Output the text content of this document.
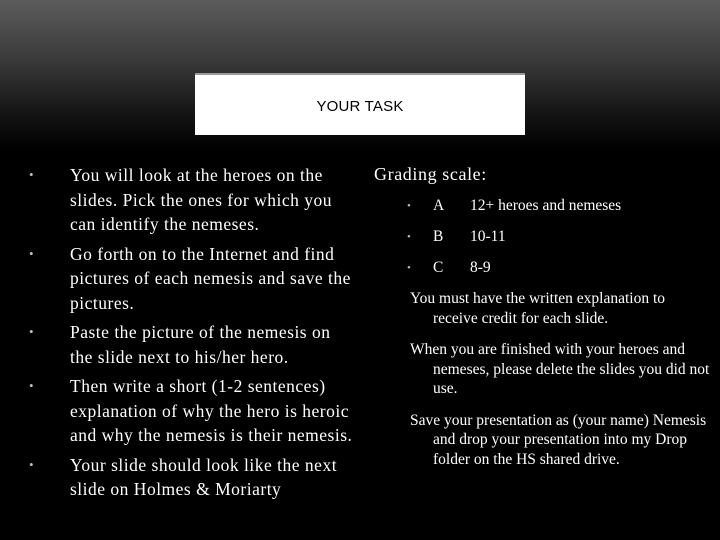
YOUR TASK
• You will look at the heroes on the slides. Pick the ones for which you can identify the nemeses.
• Go forth on to the Internet and find pictures of each nemesis and save the pictures.
• Paste the picture of the nemesis on the slide next to his/her hero.
• Then write a short (1-2 sentences) explanation of why the hero is heroic and why the nemesis is their nemesis.
• Your slide should look like the next slide on Holmes & Moriarty
Grading scale:
• A 12+ heroes and nemeses
• B 10-11
• C 8-9
You must have the written explanation to receive credit for each slide.
When you are finished with your heroes and nemeses, please delete the slides you did not use.
Save your presentation as (your name) Nemesis and drop your presentation into my Drop folder on the HS shared drive.
